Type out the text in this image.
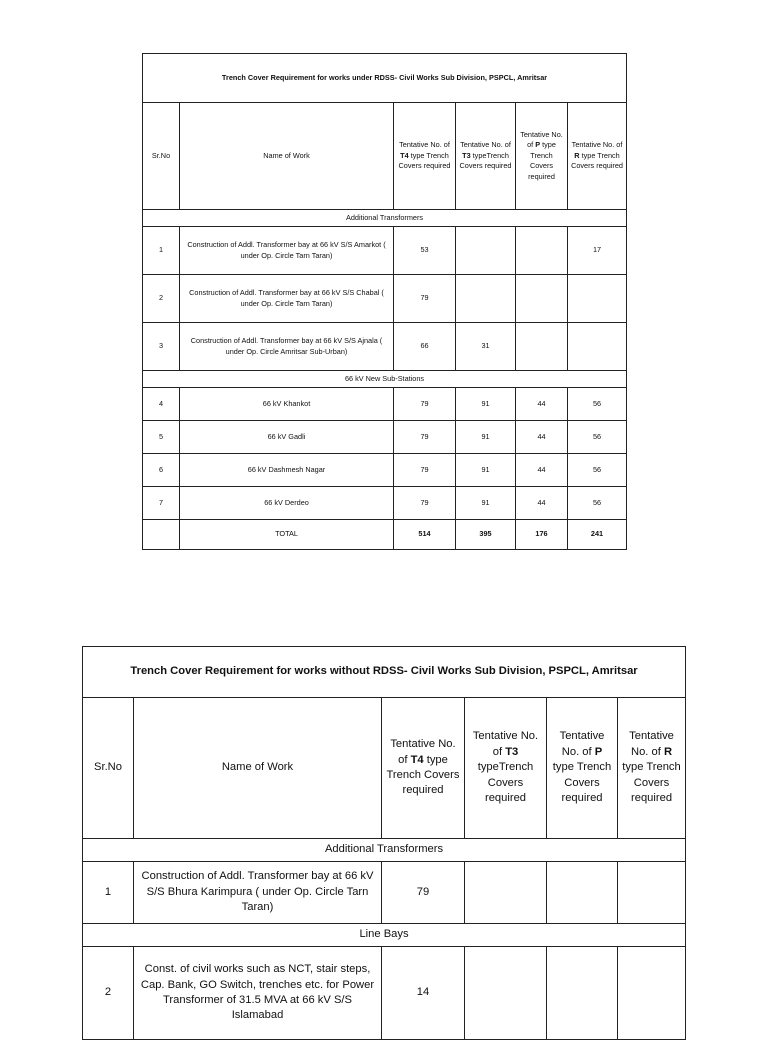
Trench Cover Requirement for works under RDSS- Civil Works Sub Division, PSPCL, Amritsar					
Sr.No	Name of Work	Tentative No. of T4 type Trench Covers required	Tentative No. of T3 typeTrench Covers required	Tentative No. of P type Trench Covers required	Tentative No. of R type Trench Covers required
Additional Transformers					
1	Construction of Addl. Transformer bay at 66 kV S/S Amarkot ( under Op. Circle Tarn Taran)	53			17
2	Construction of Addl. Transformer bay at 66 kV S/S Chabal ( under Op. Circle Tarn Taran)	79			
3	Construction of Addl. Transformer bay at 66 kV S/S Ajnala ( under Op. Circle Amritsar Sub-Urban)	66	31		
66 kV New Sub-Stations					
4	66 kV Khankot	79	91	44	56
5	66 kV Gadli	79	91	44	56
6	66 kV Dashmesh Nagar	79	91	44	56
7	66 kV Derdeo	79	91	44	56
	TOTAL	514	395	176	241
Trench Cover Requirement for works without RDSS- Civil Works Sub Division, PSPCL, Amritsar					
Sr.No	Name of Work	Tentative No. of T4 type Trench Covers required	Tentative No. of T3 typeTrench Covers required	Tentative No. of P type Trench Covers required	Tentative No. of R type Trench Covers required
Additional Transformers					
1	Construction of Addl. Transformer bay at 66 kV S/S Bhura Karimpura ( under Op. Circle Tarn Taran)	79			
Line Bays					
2	Const. of civil works such as NCT, stair steps, Cap. Bank, GO Switch, trenches etc. for Power Transformer of 31.5 MVA at 66 kV S/S Islamabad	14			
